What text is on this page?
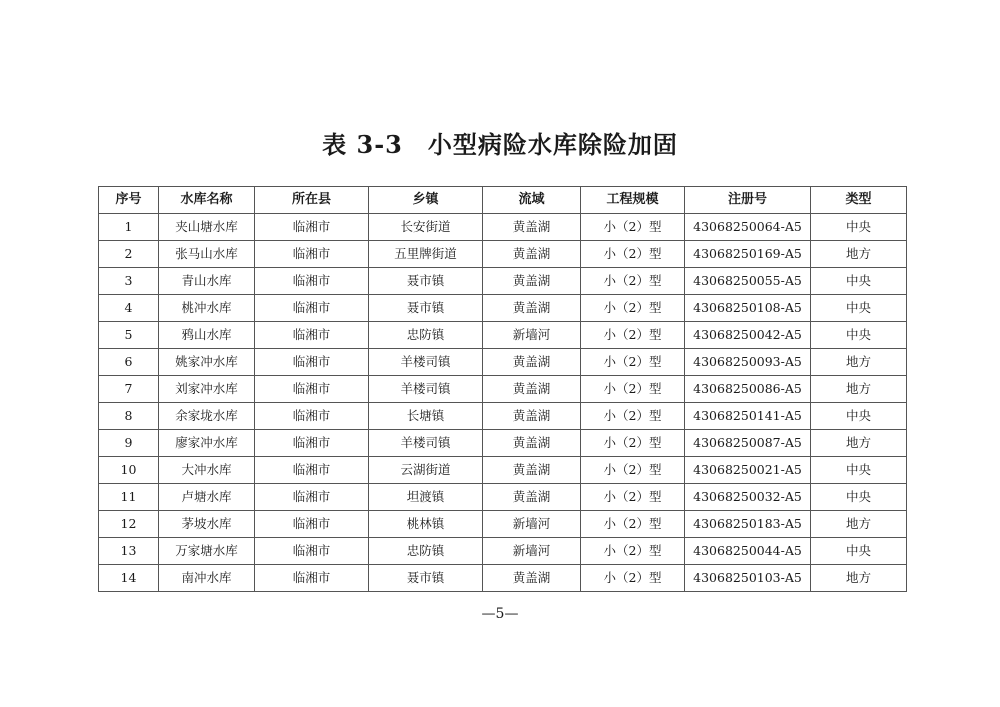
表 3-3　小型病险水库除险加固
序号	水库名称	所在县	乡镇	流域	工程规模	注册号	类型
1	夹山塘水库	临湘市	长安街道	黄盖湖	小（2）型	43068250064-A5	中央
2	张马山水库	临湘市	五里牌街道	黄盖湖	小（2）型	43068250169-A5	地方
3	青山水库	临湘市	聂市镇	黄盖湖	小（2）型	43068250055-A5	中央
4	桃冲水库	临湘市	聂市镇	黄盖湖	小（2）型	43068250108-A5	中央
5	鸦山水库	临湘市	忠防镇	新墙河	小（2）型	43068250042-A5	中央
6	姚家冲水库	临湘市	羊楼司镇	黄盖湖	小（2）型	43068250093-A5	地方
7	刘家冲水库	临湘市	羊楼司镇	黄盖湖	小（2）型	43068250086-A5	地方
8	余家垅水库	临湘市	长塘镇	黄盖湖	小（2）型	43068250141-A5	中央
9	廖家冲水库	临湘市	羊楼司镇	黄盖湖	小（2）型	43068250087-A5	地方
10	大冲水库	临湘市	云湖街道	黄盖湖	小（2）型	43068250021-A5	中央
11	卢塘水库	临湘市	坦渡镇	黄盖湖	小（2）型	43068250032-A5	中央
12	茅坡水库	临湘市	桃林镇	新墙河	小（2）型	43068250183-A5	地方
13	万家塘水库	临湘市	忠防镇	新墙河	小（2）型	43068250044-A5	中央
14	南冲水库	临湘市	聂市镇	黄盖湖	小（2）型	43068250103-A5	地方
—5—
